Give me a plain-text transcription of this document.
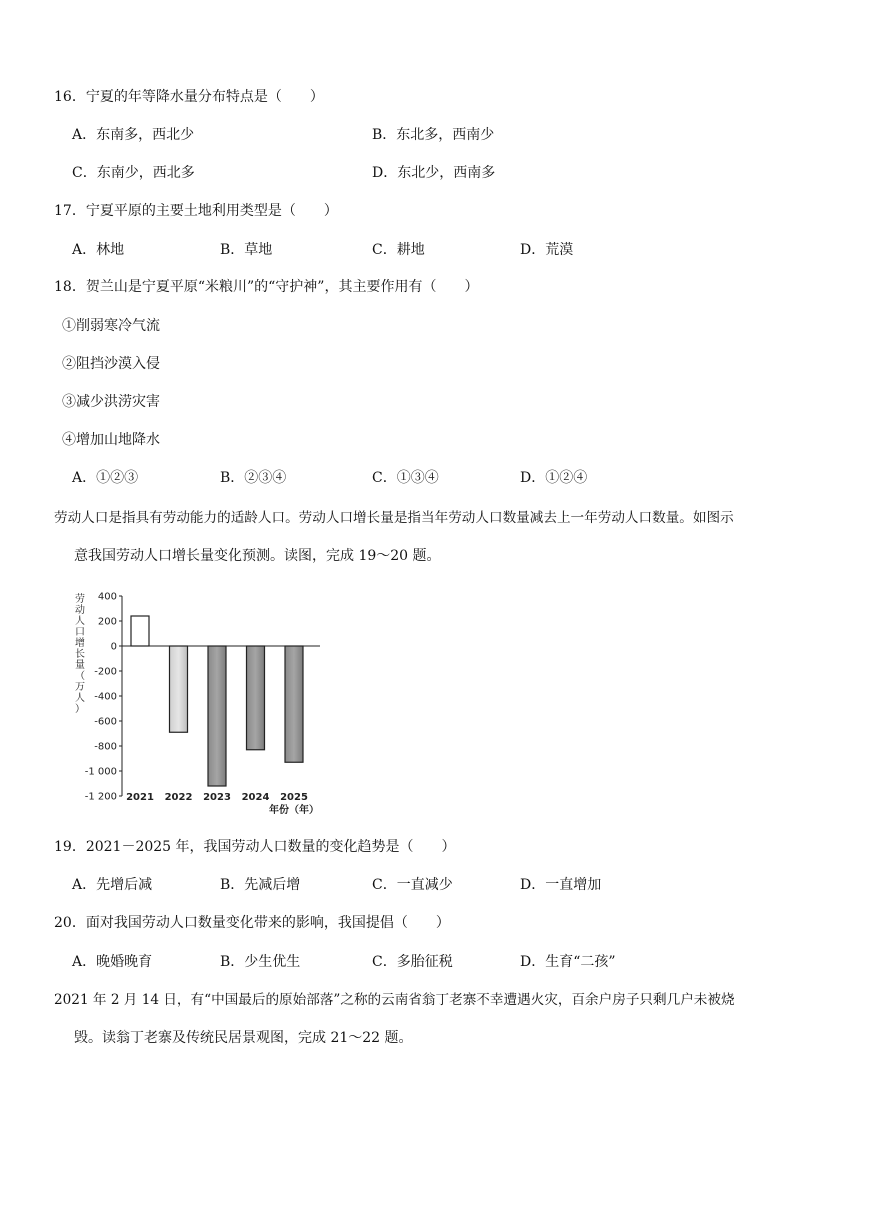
16．宁夏的年等降水量分布特点是（　　）
A．东南多，西北少	B．东北多，西南少
C．东南少，西北多	D．东北少，西南多
17．宁夏平原的主要土地利用类型是（　　）
A．林地	B．草地	C．耕地	D．荒漠
18．贺兰山是宁夏平原“米粮川”的“守护神”，其主要作用有（　　）
①削弱寒冷气流
②阻挡沙漠入侵
③减少洪涝灾害
④增加山地降水
A．①②③	B．②③④	C．①③④	D．①②④
劳动人口是指具有劳动能力的适龄人口。劳动人口增长量是指当年劳动人口数量减去上一年劳动人口数量。如图示
意我国劳动人口增长量变化预测。读图，完成 19～20 题。
劳
动
人
口
增
长
量
（
万
人
）
400
200
0
-200
-400
-600
-800
-1 000
-1 200 2021 2022 2023 2024 2025
年份（年）
19．2021－2025 年，我国劳动人口数量的变化趋势是（　　）
A．先增后减	B．先减后增	C．一直减少	D．一直增加
20．面对我国劳动人口数量变化带来的影响，我国提倡（　　）
A．晚婚晚育	B．少生优生	C．多胎征税	D．生育“二孩”
2021 年 2 月 14 日，有“中国最后的原始部落”之称的云南省翁丁老寨不幸遭遇火灾，百余户房子只剩几户未被烧
毁。读翁丁老寨及传统民居景观图，完成 21～22 题。
